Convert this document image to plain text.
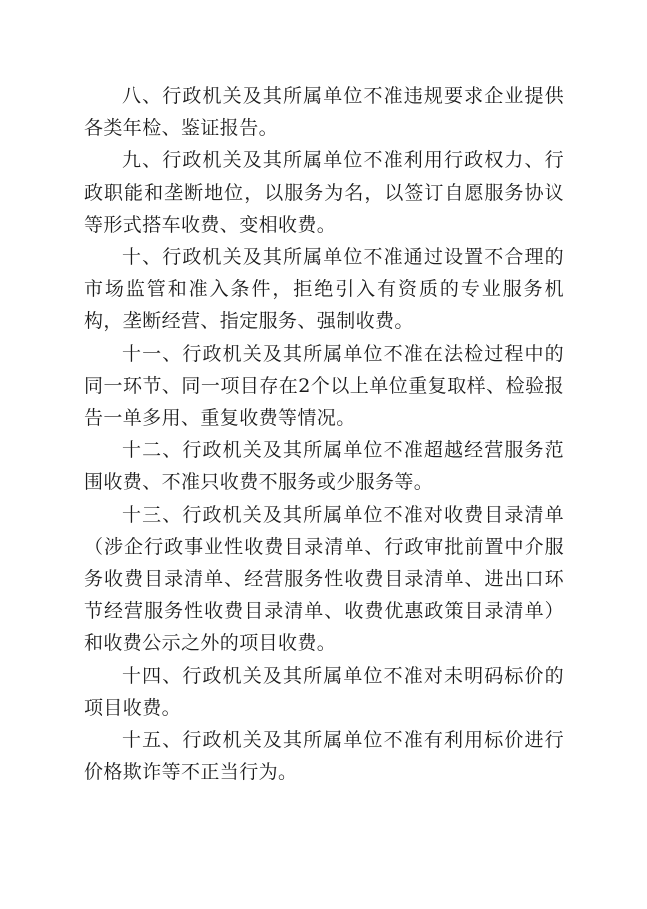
八、行政机关及其所属单位不准违规要求企业提供各类年检、鉴证报告。

九、行政机关及其所属单位不准利用行政权力、行政职能和垄断地位，以服务为名，以签订自愿服务协议等形式搭车收费、变相收费。

十、行政机关及其所属单位不准通过设置不合理的市场监管和准入条件，拒绝引入有资质的专业服务机构，垄断经营、指定服务、强制收费。

十一、行政机关及其所属单位不准在法检过程中的同一环节、同一项目存在2个以上单位重复取样、检验报告一单多用、重复收费等情况。

十二、行政机关及其所属单位不准超越经营服务范围收费、不准只收费不服务或少服务等。

十三、行政机关及其所属单位不准对收费目录清单（涉企行政事业性收费目录清单、行政审批前置中介服务收费目录清单、经营服务性收费目录清单、进出口环节经营服务性收费目录清单、收费优惠政策目录清单）和收费公示之外的项目收费。

十四、行政机关及其所属单位不准对未明码标价的项目收费。

十五、行政机关及其所属单位不准有利用标价进行价格欺诈等不正当行为。
